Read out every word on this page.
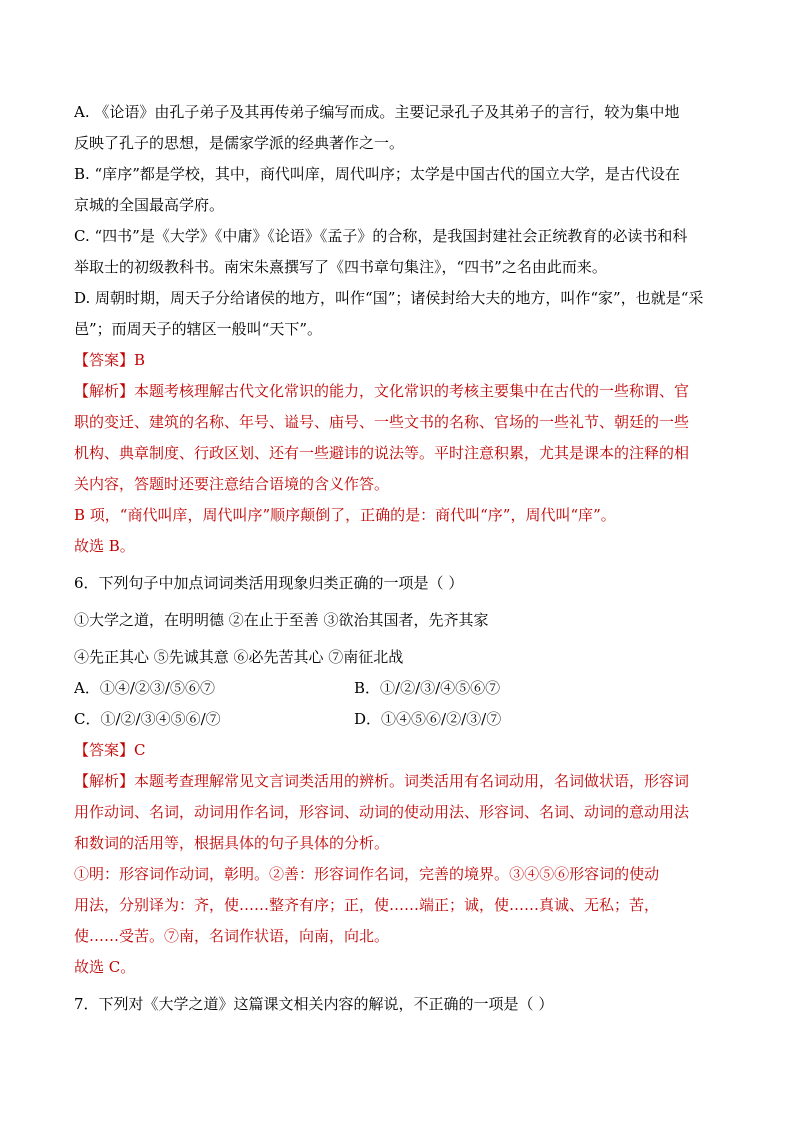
A. 《论语》由孔子弟子及其再传弟子编写而成。主要记录孔子及其弟子的言行，较为集中地
反映了孔子的思想，是儒家学派的经典著作之一。
B. “庠序”都是学校，其中，商代叫庠，周代叫序；太学是中国古代的国立大学，是古代设在
京城的全国最高学府。
C. “四书”是《大学》《中庸》《论语》《孟子》的合称，是我国封建社会正统教育的必读书和科
举取士的初级教科书。南宋朱熹撰写了《四书章句集注》，“四书”之名由此而来。
D. 周朝时期，周天子分给诸侯的地方，叫作“国”；诸侯封给大夫的地方，叫作“家”，也就是“采
邑”；而周天子的辖区一般叫“天下”。
【答案】B
【解析】本题考核理解古代文化常识的能力，文化常识的考核主要集中在古代的一些称谓、官
职的变迁、建筑的名称、年号、谥号、庙号、一些文书的名称、官场的一些礼节、朝廷的一些
机构、典章制度、行政区划、还有一些避讳的说法等。平时注意积累，尤其是课本的注释的相
关内容，答题时还要注意结合语境的含义作答。
B 项，“商代叫庠，周代叫序”顺序颠倒了，正确的是：商代叫“序”，周代叫“庠”。
故选 B。
6．下列句子中加点词词类活用现象归类正确的一项是（ ）
①大学之道，在明明德 ②在止于至善 ③欲治其国者，先齐其家
④先正其心 ⑤先诚其意 ⑥必先苦其心 ⑦南征北战
A．①④/②③/⑤⑥⑦	B．①/②/③/④⑤⑥⑦
C．①/②/③④⑤⑥/⑦	D．①④⑤⑥/②/③/⑦
【答案】C
【解析】本题考查理解常见文言词类活用的辨析。词类活用有名词动用，名词做状语，形容词
用作动词、名词，动词用作名词，形容词、动词的使动用法、形容词、名词、动词的意动用法
和数词的活用等，根据具体的句子具体的分析。
①明：形容词作动词，彰明。②善：形容词作名词，完善的境界。③④⑤⑥形容词的使动
用法，分别译为：齐，使……整齐有序；正，使……端正；诚，使……真诚、无私；苦，
使……受苦。⑦南，名词作状语，向南，向北。
故选 C。
7．下列对《大学之道》这篇课文相关内容的解说，不正确的一项是（ ）
